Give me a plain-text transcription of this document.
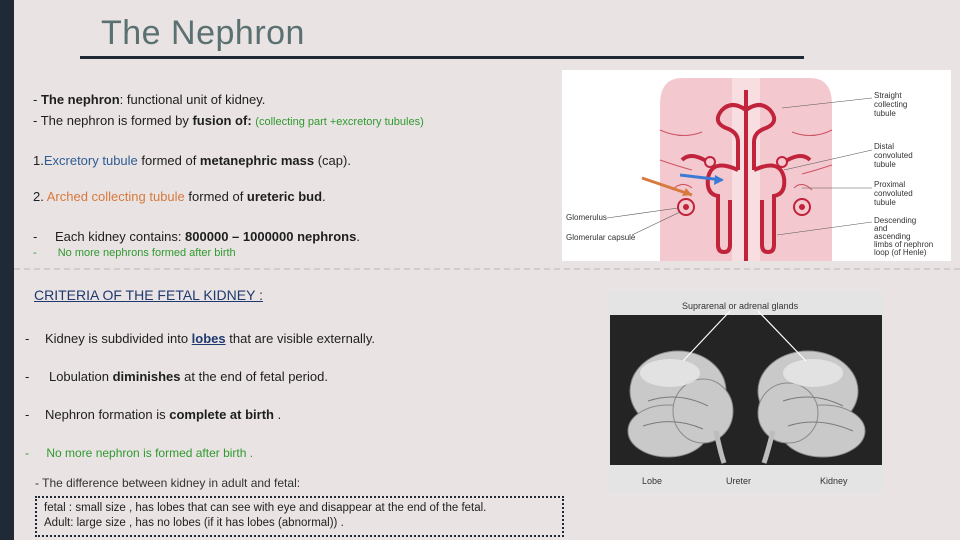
The Nephron
- The nephron: functional unit of kidney.
- The nephron is formed by fusion of: (collecting part +excretory tubules)
1.Excretory tubule formed of metanephric mass (cap).
2. Arched collecting tubule formed of ureteric bud.
- Each kidney contains: 800000 – 1000000 nephrons.
- No more nephrons formed after birth
CRITERIA OF THE FETAL KIDNEY :
- Kidney is subdivided into lobes that are visible externally.
- Lobulation diminishes at the end of fetal period.
- Nephron formation is complete at birth .
- No more nephron is formed after birth .
- The difference between kidney in adult and fetal:
fetal : small size , has lobes that can see with eye and disappear at the end of the fetal.
Adult: large size , has no lobes (if it has lobes (abnormal)) .
Straight
collecting
tubule
Distal
convoluted
tubule
Proximal
convoluted
tubule
Descending
and
ascending
limbs of nephron
loop (of Henle)
Glomerulus
Glomerular capsule
Suprarenal or adrenal glands
Lobe	Ureter	Kidney
